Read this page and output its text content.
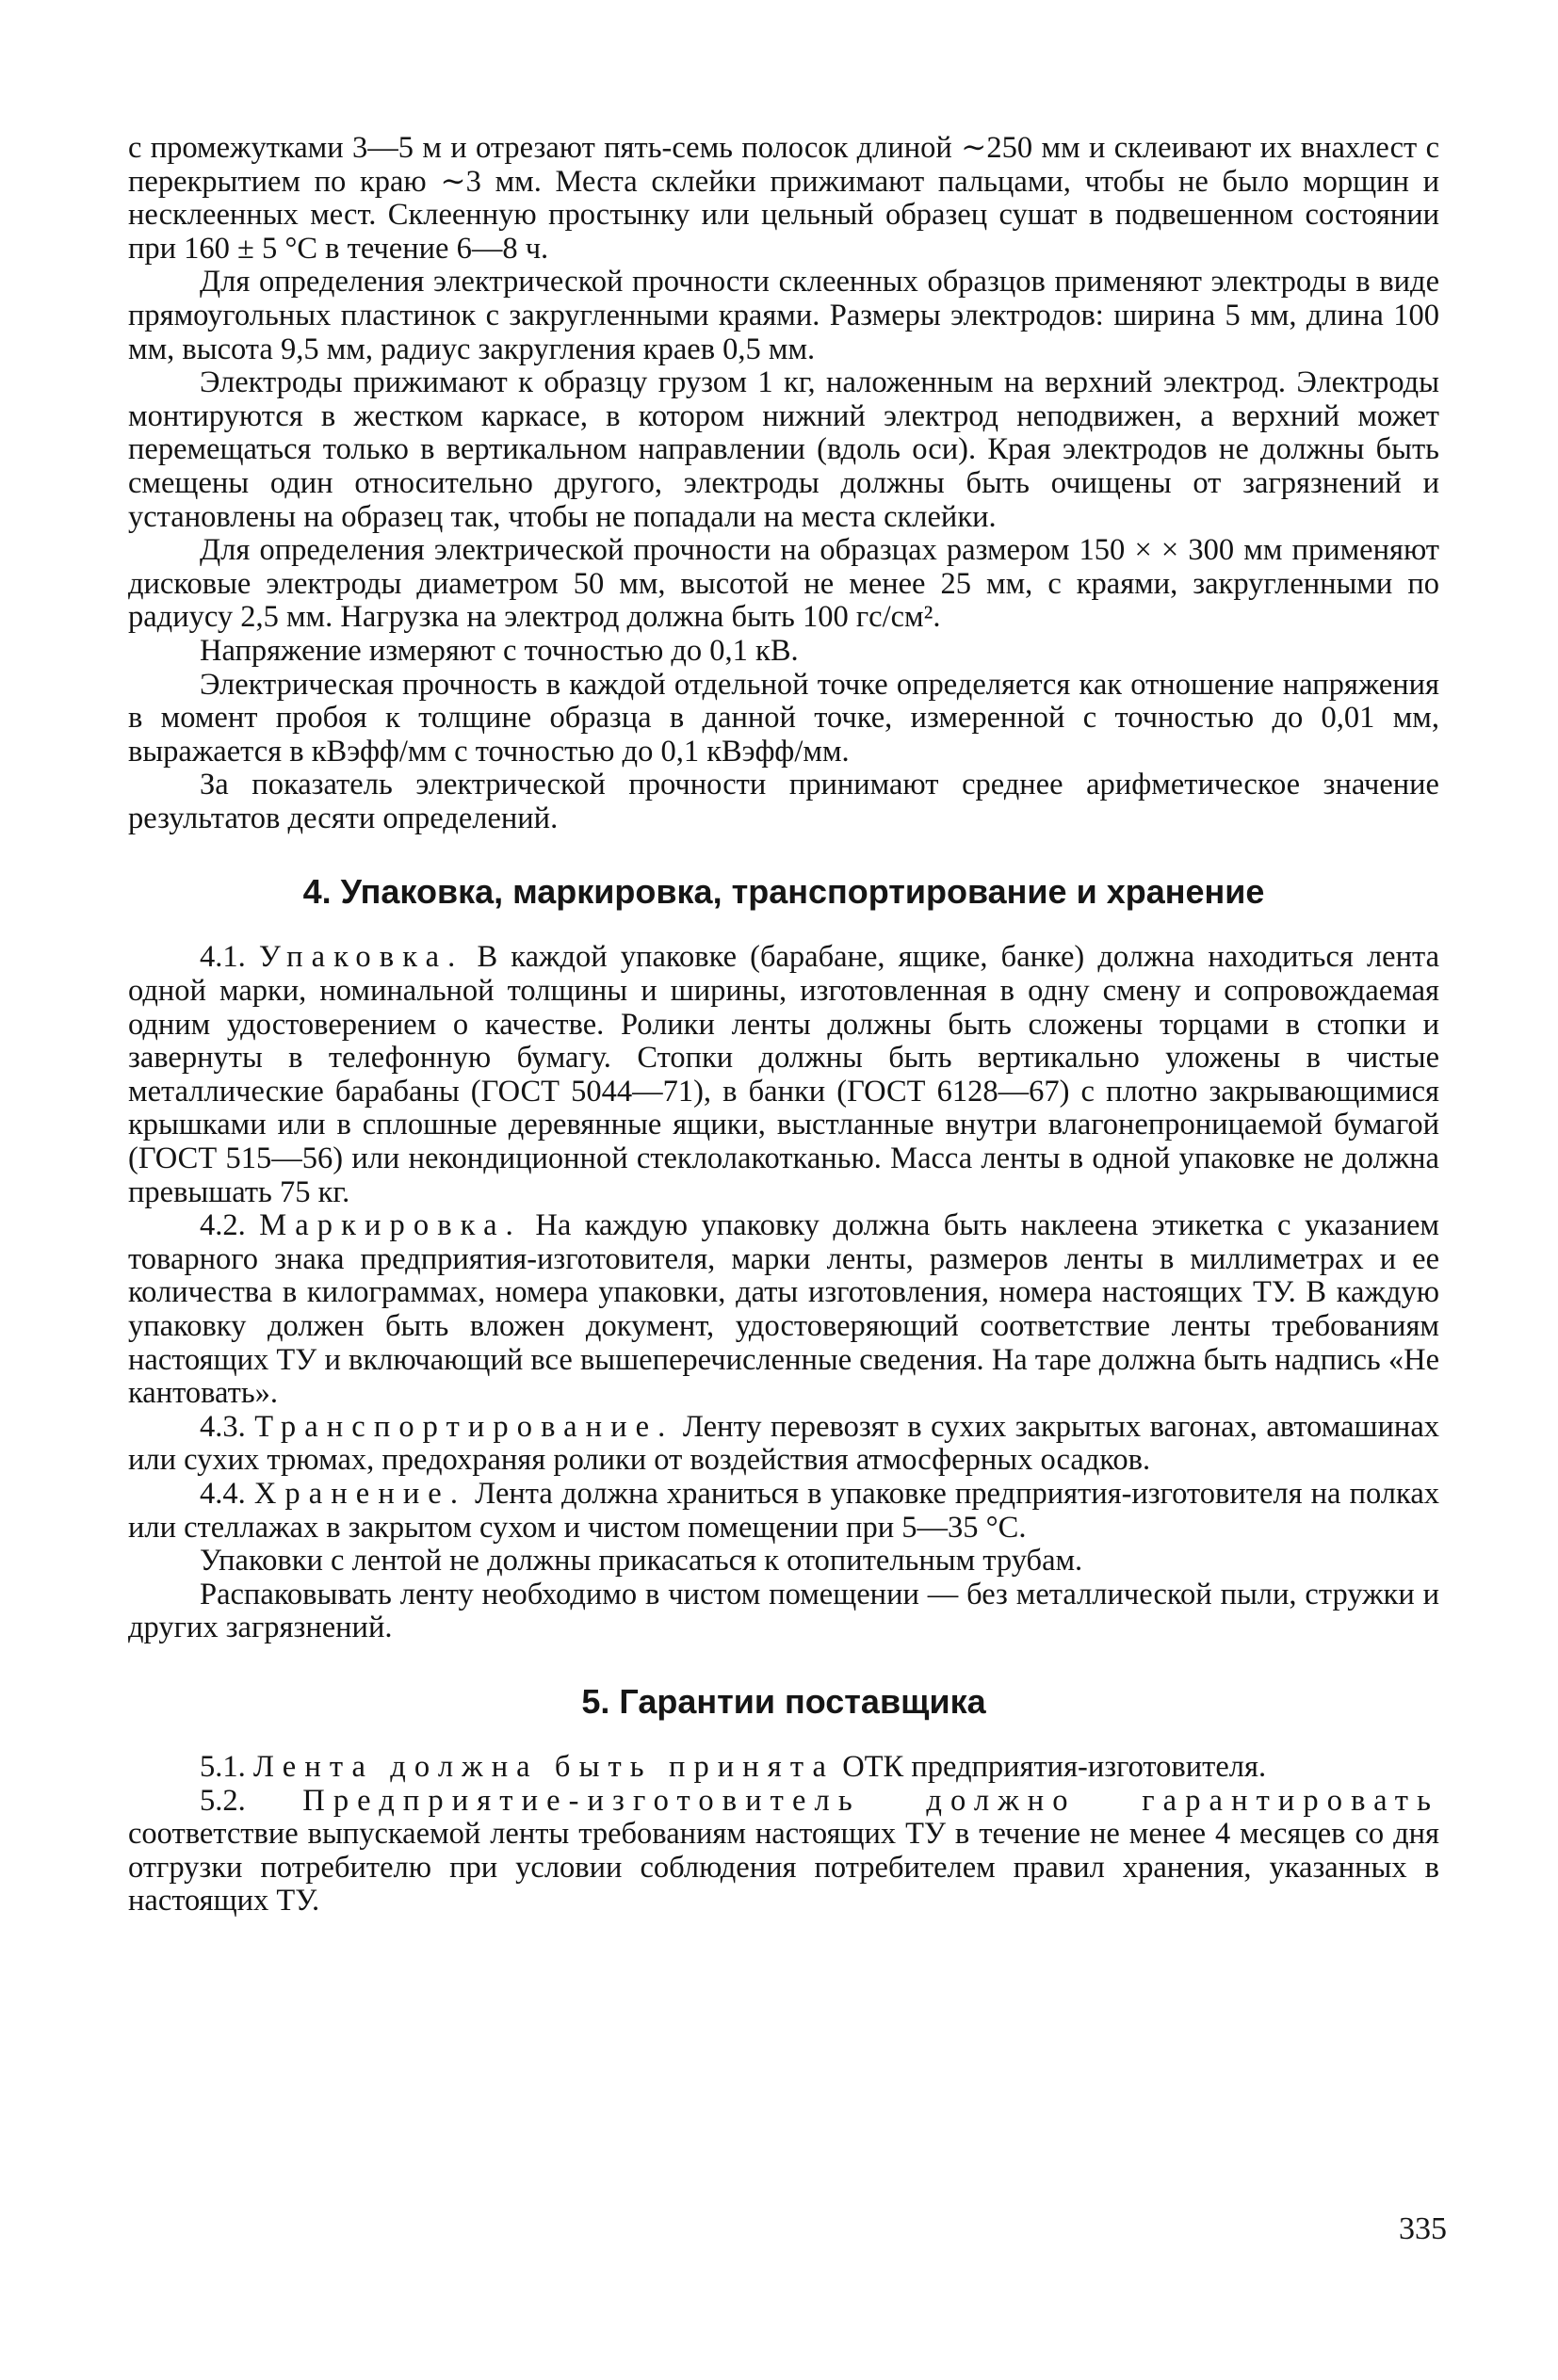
с промежутками 3—5 м и отрезают пять-семь полосок длиной ∼250 мм и склеивают их внахлест с перекрытием по краю ∼3 мм. Места склейки прижимают пальцами, чтобы не было морщин и несклеенных мест. Склеенную простынку или цельный образец сушат в подвешенном состоянии при 160 ± 5 °С в течение 6—8 ч.

Для определения электрической прочности склеенных образцов применяют электроды в виде прямоугольных пластинок с закругленными краями. Размеры электродов: ширина 5 мм, длина 100 мм, высота 9,5 мм, радиус закругления краев 0,5 мм.

Электроды прижимают к образцу грузом 1 кг, наложенным на верхний электрод. Электроды монтируются в жестком каркасе, в котором нижний электрод неподвижен, а верхний может перемещаться только в вертикальном направлении (вдоль оси). Края электродов не должны быть смещены один относительно другого, электроды должны быть очищены от загрязнений и установлены на образец так, чтобы не попадали на места склейки.

Для определения электрической прочности на образцах размером 150 × × 300 мм применяют дисковые электроды диаметром 50 мм, высотой не менее 25 мм, с краями, закругленными по радиусу 2,5 мм. Нагрузка на электрод должна быть 100 гс/см².

Напряжение измеряют с точностью до 0,1 кВ.

Электрическая прочность в каждой отдельной точке определяется как отношение напряжения в момент пробоя к толщине образца в данной точке, измеренной с точностью до 0,01 мм, выражается в кВэфф/мм с точностью до 0,1 кВэфф/мм.

За показатель электрической прочности принимают среднее арифметическое значение результатов десяти определений.

4. Упаковка, маркировка, транспортирование и хранение

4.1. Упаковка. В каждой упаковке (барабане, ящике, банке) должна находиться лента одной марки, номинальной толщины и ширины, изготовленная в одну смену и сопровождаемая одним удостоверением о качестве. Ролики ленты должны быть сложены торцами в стопки и завернуты в телефонную бумагу. Стопки должны быть вертикально уложены в чистые металлические барабаны (ГОСТ 5044—71), в банки (ГОСТ 6128—67) с плотно закрывающимися крышками или в сплошные деревянные ящики, выстланные внутри влагонепроницаемой бумагой (ГОСТ 515—56) или некондиционной стеклолакотканью. Масса ленты в одной упаковке не должна превышать 75 кг.

4.2. Маркировка. На каждую упаковку должна быть наклеена этикетка с указанием товарного знака предприятия-изготовителя, марки ленты, размеров ленты в миллиметрах и ее количества в килограммах, номера упаковки, даты изготовления, номера настоящих ТУ. В каждую упаковку должен быть вложен документ, удостоверяющий соответствие ленты требованиям настоящих ТУ и включающий все вышеперечисленные сведения. На таре должна быть надпись «Не кантовать».

4.3. Транспортирование. Ленту перевозят в сухих закрытых вагонах, автомашинах или сухих трюмах, предохраняя ролики от воздействия атмосферных осадков.

4.4. Хранение. Лента должна храниться в упаковке предприятия-изготовителя на полках или стеллажах в закрытом сухом и чистом помещении при 5—35 °С.

Упаковки с лентой не должны прикасаться к отопительным трубам.

Распаковывать ленту необходимо в чистом помещении — без металлической пыли, стружки и других загрязнений.

5. Гарантии поставщика

5.1. Лента должна быть принята ОТК предприятия-изготовителя.

5.2. Предприятие-изготовитель должно гарантировать соответствие выпускаемой ленты требованиям настоящих ТУ в течение не менее 4 месяцев со дня отгрузки потребителю при условии соблюдения потребителем правил хранения, указанных в настоящих ТУ.

335
